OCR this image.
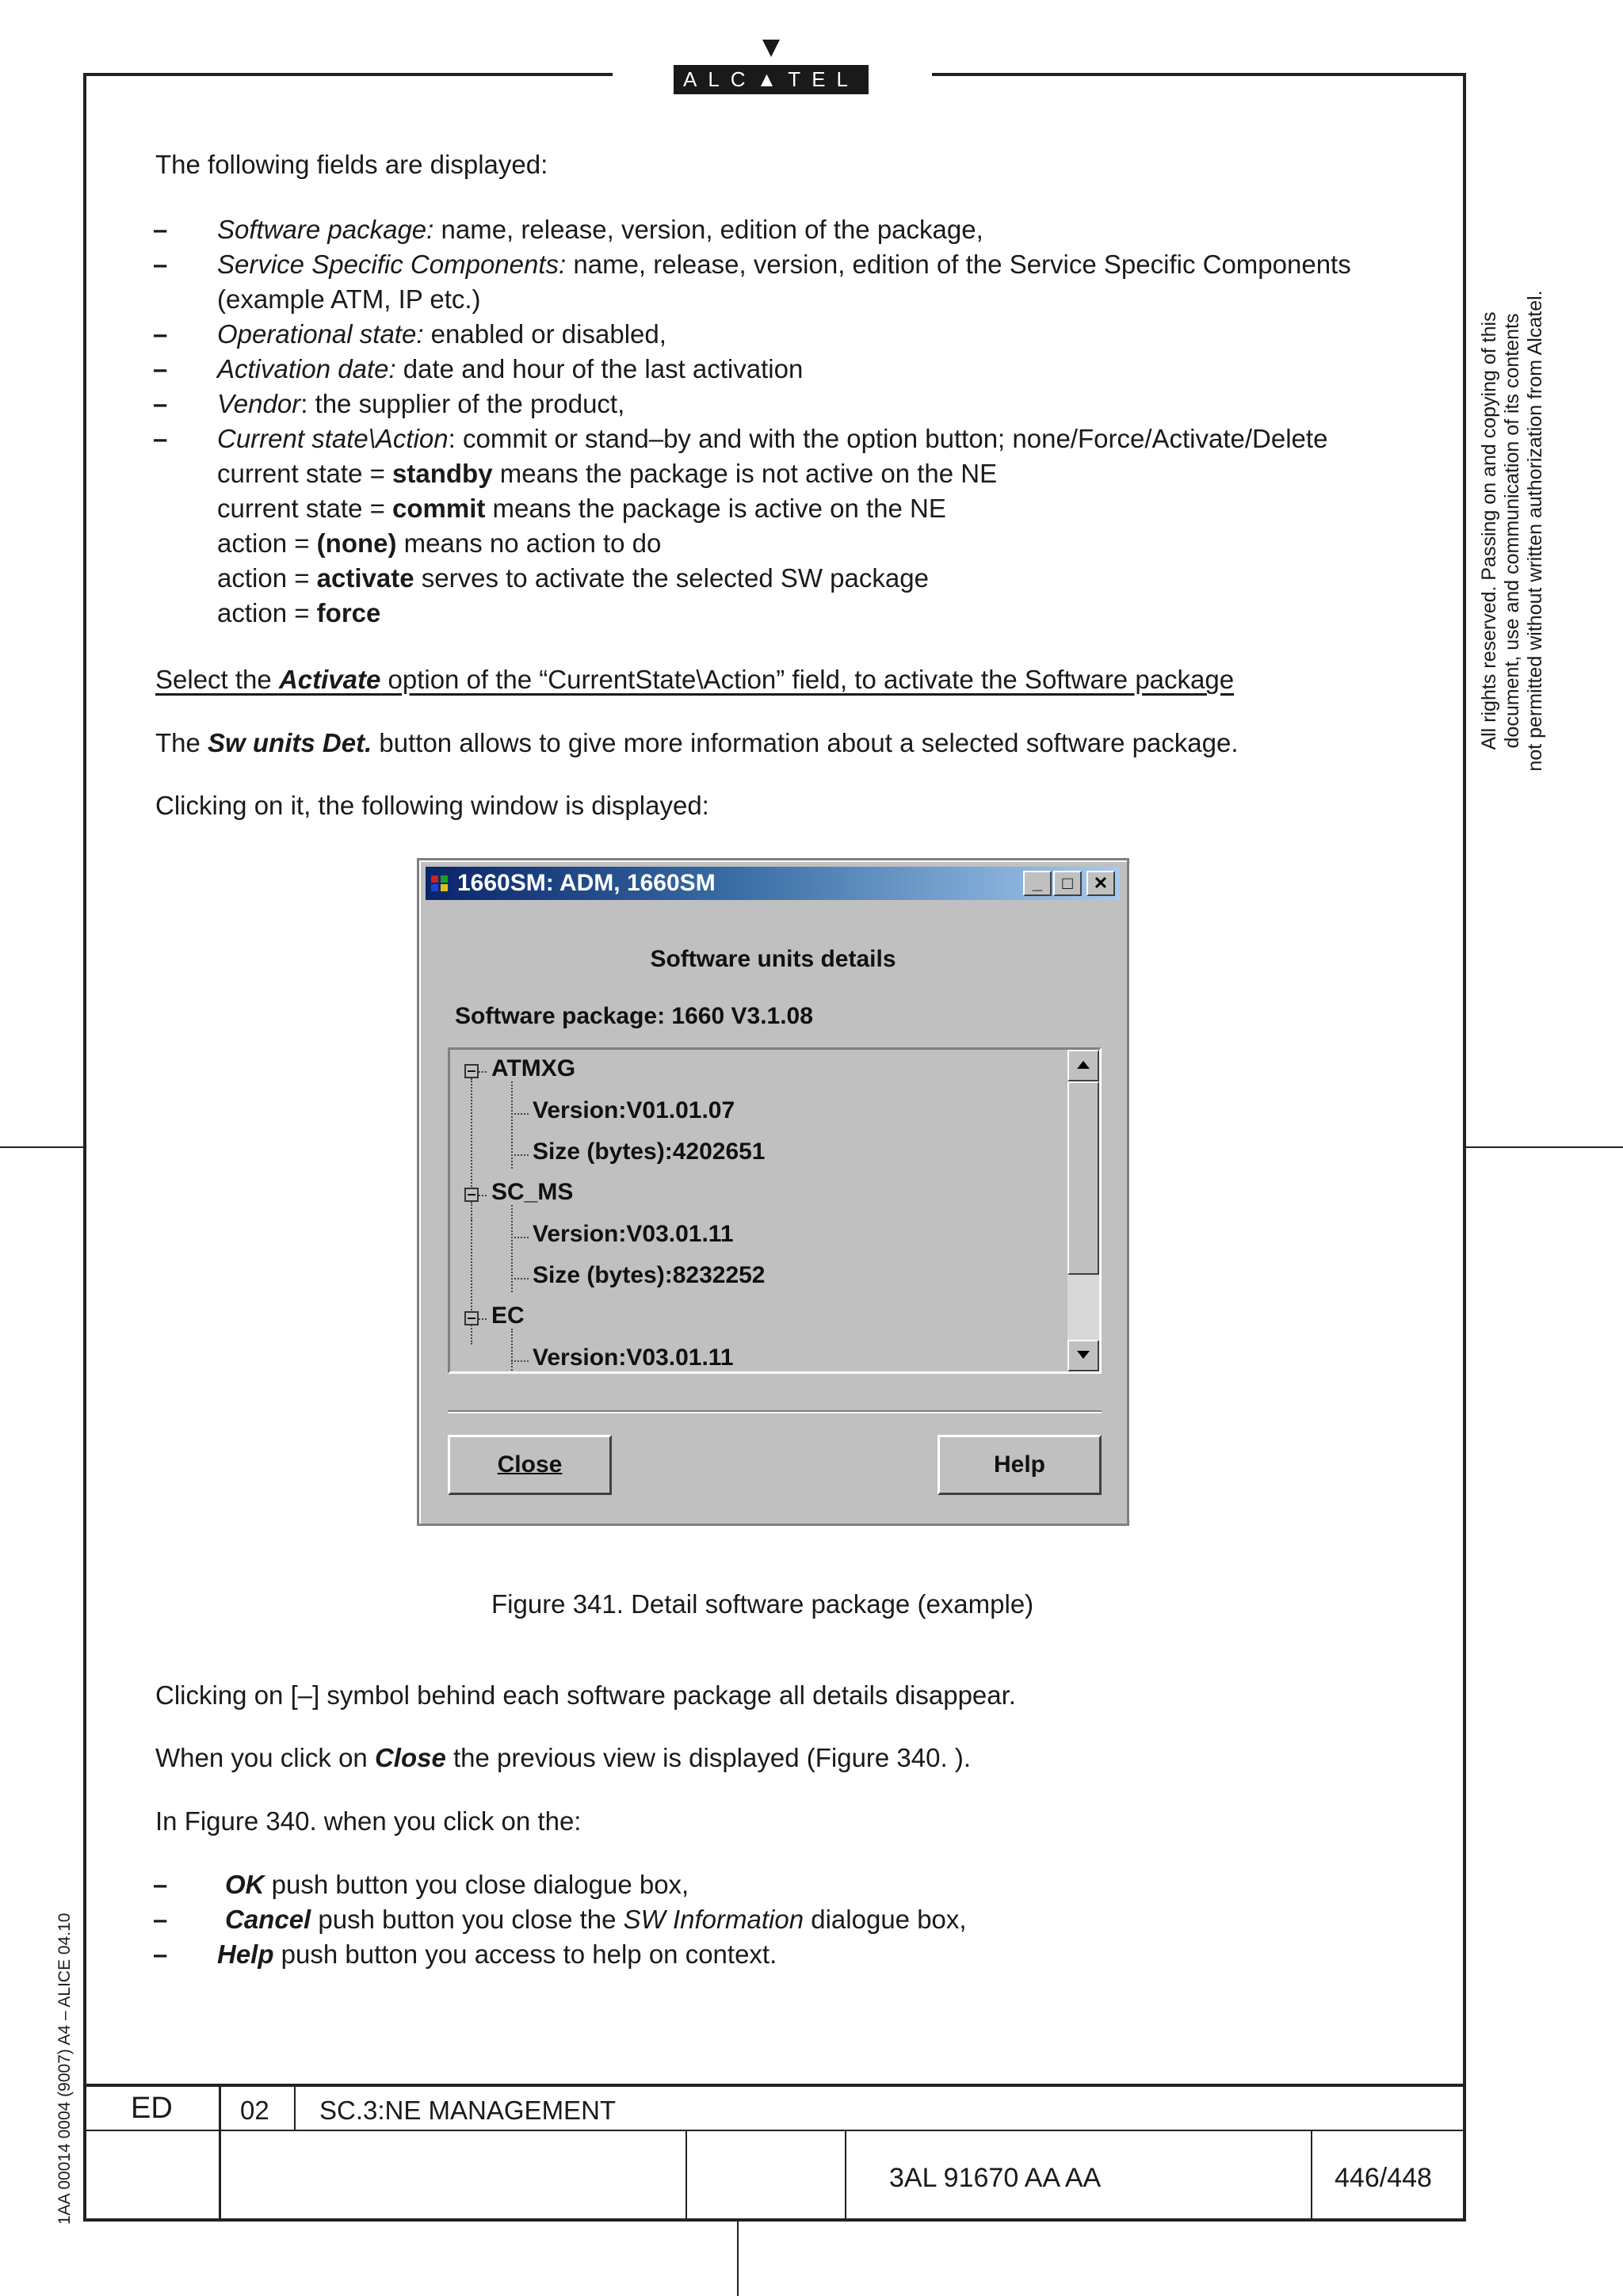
ALC▲TEL
All rights reserved. Passing on and copying of this document, use and communication of its contents not permitted without written authorization from Alcatel.
1AA 00014 0004 (9007) A4 – ALICE 04.10
The following fields are displayed:
– Software package: name, release, version, edition of the package,
– Service Specific Components: name, release, version, edition of the Service Specific Components
(example ATM, IP etc.)
– Operational state: enabled or disabled,
– Activation date: date and hour of the last activation
– Vendor: the supplier of the product,
– Current state\Action: commit or stand–by and with the option button; none/Force/Activate/Delete
current state = standby means the package is not active on the NE
current state = commit means the package is active on the NE
action = (none) means no action to do
action = activate serves to activate the selected SW package
action = force
Select the Activate option of the “CurrentState\Action” field, to activate the Software package
The Sw units Det. button allows to give more information about a selected software package.
Clicking on it, the following window is displayed:
1660SM: ADM, 1660SM	_	□	✕
Software units details
Software package: 1660 V3.1.08
ATMXG
Version:V01.01.07
Size (bytes):4202651
SC_MS
Version:V03.01.11
Size (bytes):8232252
EC
Version:V03.01.11
Close	Help
Figure 341. Detail software package (example)
Clicking on [–] symbol behind each software package all details disappear.
When you click on Close the previous view is displayed (Figure 340. ).
In Figure 340. when you click on the:
– OK push button you close dialogue box,
– Cancel push button you close the SW Information dialogue box,
– Help push button you access to help on context.
ED	02 SC.3:NE MANAGEMENT
3AL 91670 AA AA	446/448
